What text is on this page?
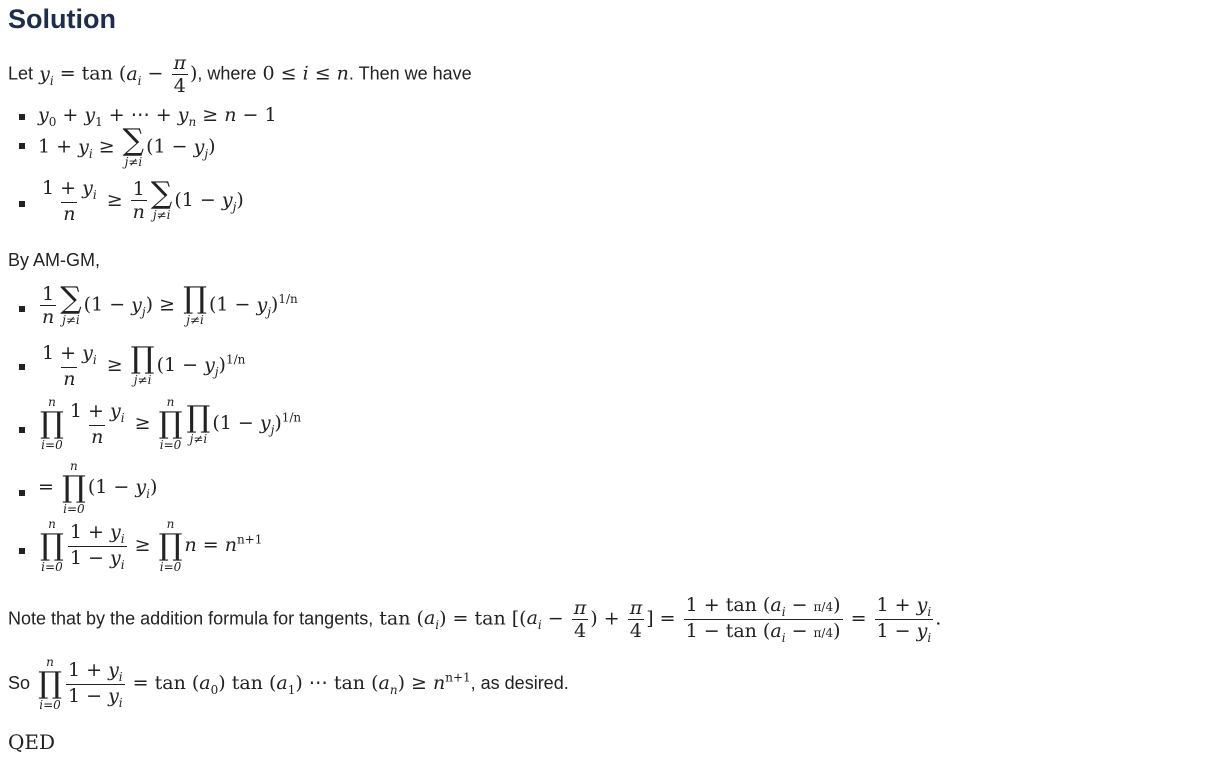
Solution
Let $y_i = \tan (a_i - \frac{\pi}{4}$ ), where 0 ≤ i ≤ n. Then we have
$y_0 + y_1$ + ⋯ + $y_n \ge n - 1$
$1 + y_i$ ≥ ∑
j≠i
$(1 - y_j)$
$\frac{1 + y_i}{n} \ge \frac{1}{n}$ ∑
j≠i
$(1 - y_j)$
By AM-GM,
$\frac{1}{n}$ ∑
j≠i
$(1 - y_j)$ ≥ ∏
j≠i
$(1 - y_j)^{1/n}$
$\frac{1 + y_i}{n}$ ≥ ∏
j≠i
$(1 - y_j)^{1/n}$
n
∏
$i=0 \frac{1 + y_i}{n}$ ≥
n
∏
i=0
∏
j≠i
$(1 - y_j)^{1/n}$
=
n
∏
i=0
$(1 - y_i)$
n
∏
$i=0 \frac{1 + y_i}{1 - y_i}$ ≥
n
∏
i=0
$n = n^{n+1}$
Note that by the addition formula for tangents, $\tan (a_i) = \tan [(a_i - \frac{\pi}{4}$ ) + $\frac{\pi}{4}$ ] = $\frac{1 + \tan (a_i - \pi/4)}{1 - \tan (a_i - \pi/4)} = \frac{1 + y_i}{1 - y_i}$ .
So
n
∏
$i=0 \frac{1 + y_i}{1 - y_i} = \tan (a_0)$ $\tan (a_1)$ ⋯ $\tan (a_n) \ge n^{n+1}$, as desired.
QED
